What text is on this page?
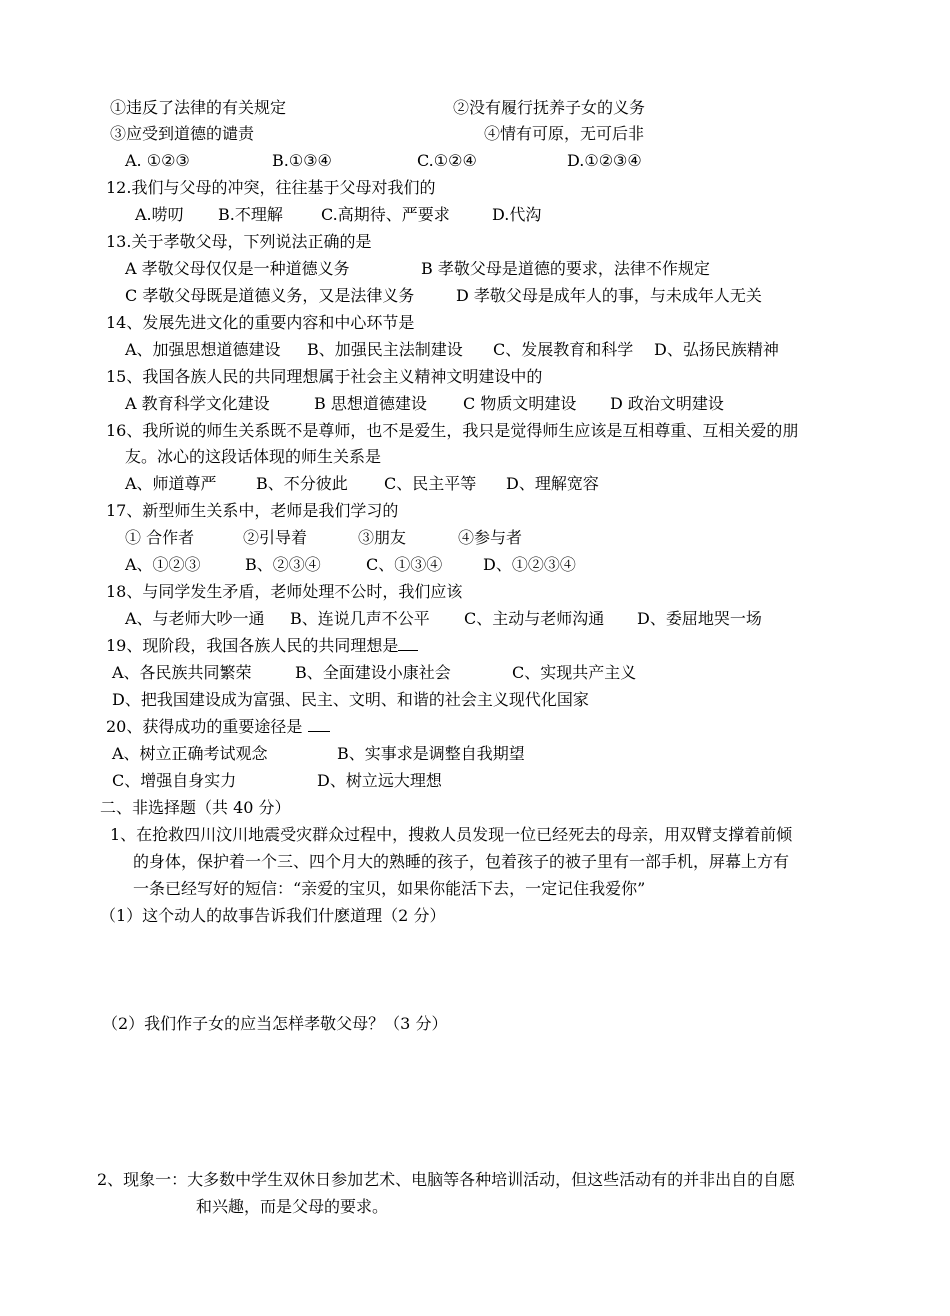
①违反了法律的有关规定	②没有履行抚养子女的义务
③应受到道德的谴责	④情有可原，无可后非
A. ①②③	B.①③④	C.①②④	D.①②③④
12.我们与父母的冲突，往往基于父母对我们的
A.唠叨 B.不理解 C.高期待、严要求	D.代沟
13.关于孝敬父母，下列说法正确的是
A 孝敬父母仅仅是一种道德义务	B 孝敬父母是道德的要求，法律不作规定
C 孝敬父母既是道德义务，又是法律义务	D 孝敬父母是成年人的事，与未成年人无关
14、发展先进文化的重要内容和中心环节是
A、加强思想道德建设 B、加强民主法制建设 C、发展教育和科学 D、弘扬民族精神
15、我国各族人民的共同理想属于社会主义精神文明建设中的
A 教育科学文化建设	B 思想道德建设 C 物质文明建设 D 政治文明建设
16、我所说的师生关系既不是尊师，也不是爱生，我只是觉得师生应该是互相尊重、互相关爱的朋
友。冰心的这段话体现的师生关系是
A、师道尊严 B、不分彼此 C、民主平等 D、理解宽容
17、新型师生关系中，老师是我们学习的
① 合作者	②引导着	③朋友	④参与者
A、①②③	B、②③④	C、①③④	D、①②③④
18、与同学发生矛盾，老师处理不公时，我们应该
A、与老师大吵一通 B、连说几声不公平 C、主动与老师沟通 D、委屈地哭一场
19、现阶段，我国各族人民的共同理想是
A、各民族共同繁荣	B、全面建设小康社会	C、实现共产主义
D、把我国建设成为富强、民主、文明、和谐的社会主义现代化国家
20、获得成功的重要途径是
A、树立正确考试观念	B、实事求是调整自我期望
C、增强自身实力	D、树立远大理想
二、非选择题（共 40 分）
1、在抢救四川汶川地震受灾群众过程中，搜救人员发现一位已经死去的母亲，用双臂支撑着前倾
的身体，保护着一个三、四个月大的熟睡的孩子，包着孩子的被子里有一部手机，屏幕上方有
一条已经写好的短信：“亲爱的宝贝，如果你能活下去，一定记住我爱你”
（1）这个动人的故事告诉我们什麽道理（2 分）
（2）我们作子女的应当怎样孝敬父母？（3 分）
2、现象一：大多数中学生双休日参加艺术、电脑等各种培训活动，但这些活动有的并非出自的自愿
和兴趣，而是父母的要求。
